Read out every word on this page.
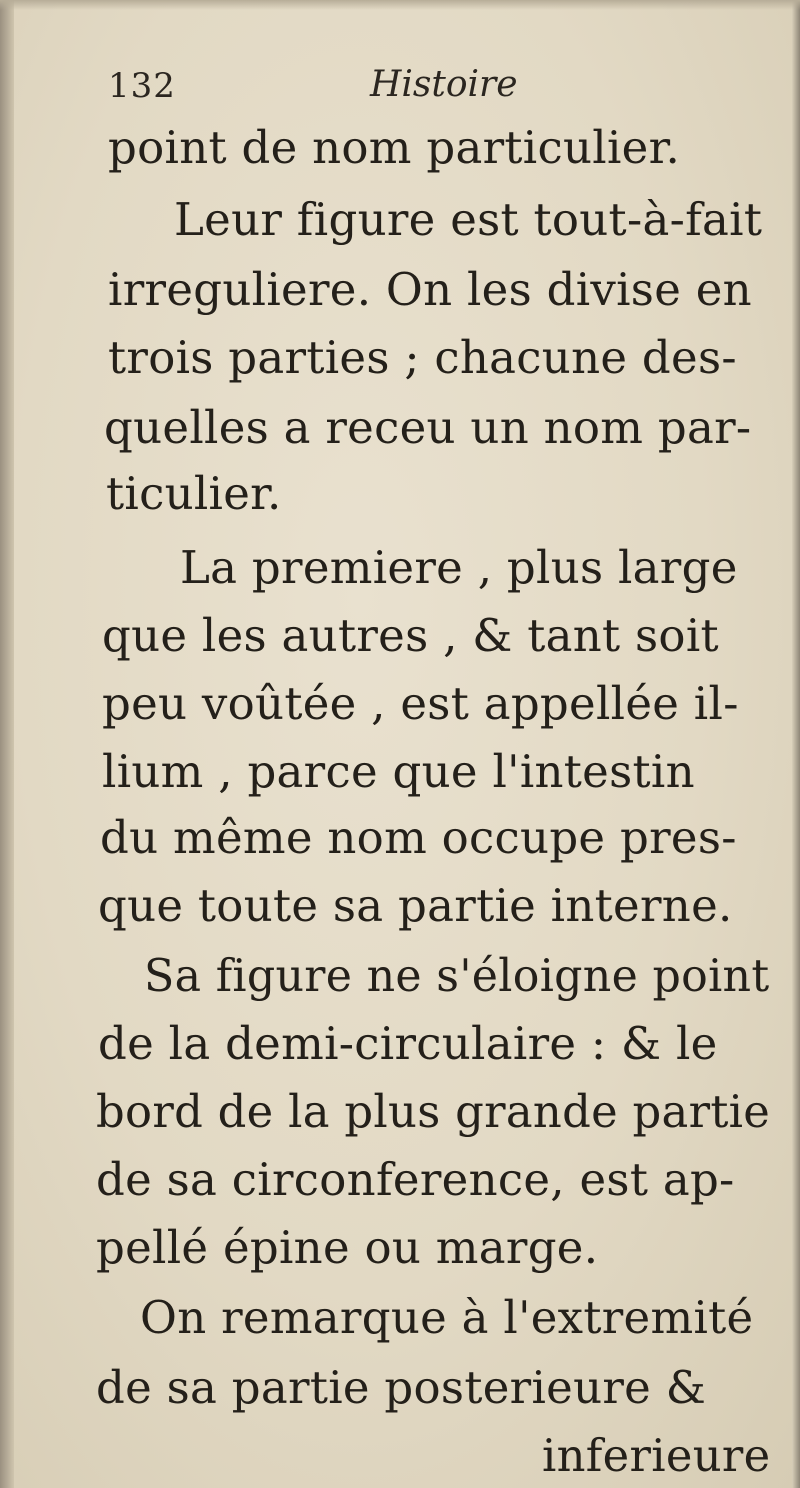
132	Histoire
point de nom particulier.
Leur figure est tout-à-fait
irreguliere. On les divise en
trois parties ; chacune des-
quelles a receu un nom par-
ticulier.
La premiere , plus large
que les autres , & tant soit
peu voûtée , est appellée il-
lium , parce que l'intestin
du même nom occupe pres-
que toute sa partie interne.
Sa figure ne s'éloigne point
de la demi-circulaire : & le
bord de la plus grande partie
de sa circonference, est ap-
pellé épine ou marge.
On remarque à l'extremité
de sa partie posterieure &
inferieure
